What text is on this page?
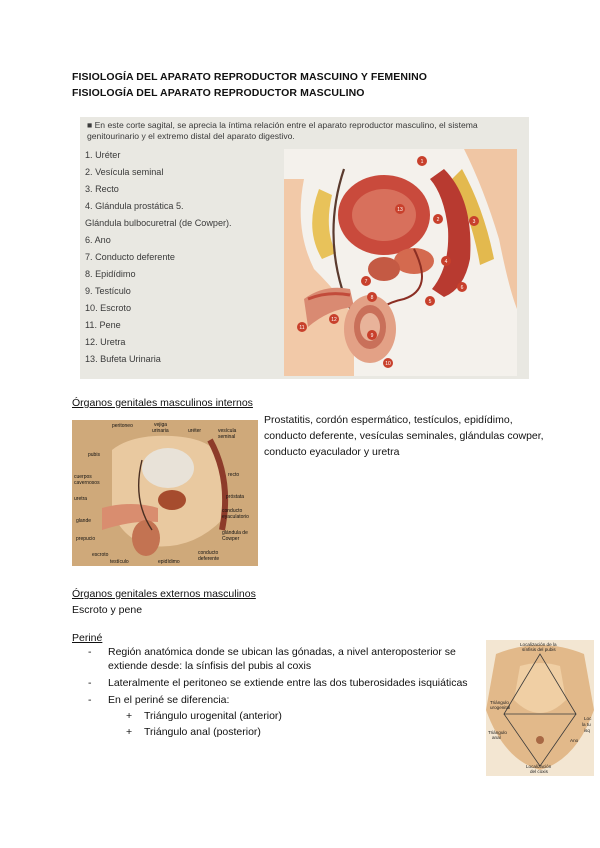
FISIOLOGÍA DEL APARATO REPRODUCTOR MASCUINO Y FEMENINO
FISIOLOGÍA DEL APARATO REPRODUCTOR MASCULINO
■ En este corte sagital, se aprecia la íntima relación entre el aparato reproductor masculino, el sistema genitourinario y el extremo distal del aparato digestivo.
1. Uréter
2. Vesícula seminal
3. Recto
4. Glándula prostática 5.
Glándula bulbocuretral (de Cowper).
6. Ano
7. Conducto deferente
8. Epidídimo
9. Testículo
10. Escroto
11. Pene
12. Uretra
13. Bufeta Urinaria
1
2	3
4
5
6
7
8
9
10
11
12
13
Órganos genitales masculinos internos
Prostatitis, cordón espermático, testículos, epidídimo, conducto deferente, vesículas seminales, glándulas cowper, conducto eyaculador y uretra
peritoneo	vejiga
urinaria	uréter	vesícula
seminal
pubis
recto
cuerpos
cavernosos
próstata
uretra
conducto
eyaculatorio
glande
glándula de
Cowper
prepucio
escroto	conducto
deferente
testículo	epidídimo
Órganos genitales externos masculinos
Escroto y pene
Periné
- Región anatómica donde se ubican las gónadas, a nivel anteroposterior se extiende desde: la sínfisis del pubis al coxis
- Lateralmente el peritoneo se extiende entre las dos tuberosidades isquiáticas
- En el periné se diferencia:
+ Triángulo urogenital (anterior)
+ Triángulo anal (posterior)
Localización de la
sínfisis del pubis
Triángulo
urogenital
Triángulo
anal
Loc
la tu
isq
Ano
Localización
del coxis
